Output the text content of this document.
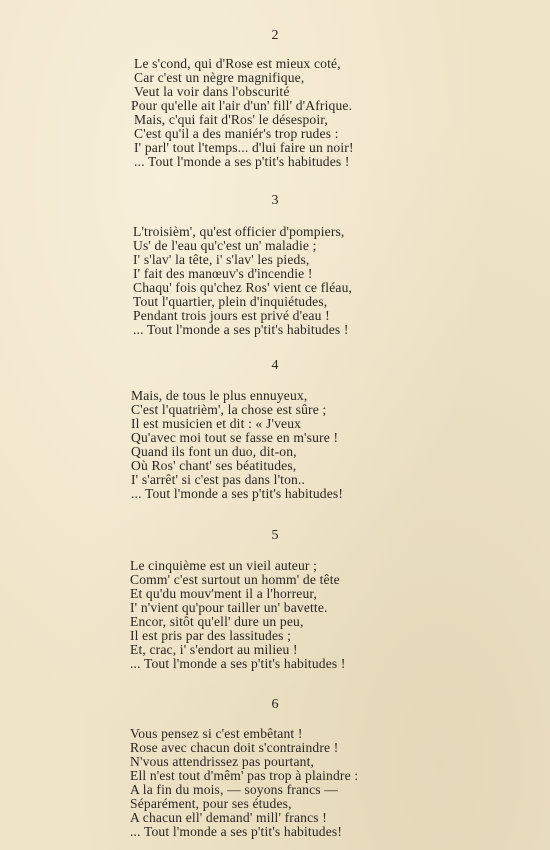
2
Le s'cond, qui d'Rose est mieux coté,
Car c'est un nègre magnifique,
Veut la voir dans l'obscurité
Pour qu'elle ait l'air d'un' fill' d'Afrique.
Mais, c'qui fait d'Ros' le désespoir,
C'est qu'il a des maniér's trop rudes :
I' parl' tout l'temps... d'lui faire un noir!
... Tout l'monde a ses p'tit's habitudes !
3
L'troisièm', qu'est officier d'pompiers,
Us' de l'eau qu'c'est un' maladie ;
I' s'lav' la tête, i' s'lav' les pieds,
I' fait des manœuv's d'incendie !
Chaqu' fois qu'chez Ros' vient ce fléau,
Tout l'quartier, plein d'inquiétudes,
Pendant trois jours est privé d'eau !
... Tout l'monde a ses p'tit's habitudes !
4
Mais, de tous le plus ennuyeux,
C'est l'quatrièm', la chose est sûre ;
Il est musicien et dit : « J'veux
Qu'avec moi tout se fasse en m'sure !
Quand ils font un duo, dit-on,
Où Ros' chant' ses béatitudes,
I' s'arrêt' si c'est pas dans l'ton..
... Tout l'monde a ses p'tit's habitudes!
5
Le cinquième est un vieil auteur ;
Comm' c'est surtout un homm' de tête
Et qu'du mouv'ment il a l'horreur,
I' n'vient qu'pour tailler un' bavette.
Encor, sitôt qu'ell' dure un peu,
Il est pris par des lassitudes ;
Et, crac, i' s'endort au milieu !
... Tout l'monde a ses p'tit's habitudes !
6
Vous pensez si c'est embêtant !
Rose avec chacun doit s'contraindre !
N'vous attendrissez pas pourtant,
Ell n'est tout d'mêm' pas trop à plaindre :
A la fin du mois, — soyons francs —
Séparément, pour ses études,
A chacun ell' demand' mill' francs !
... Tout l'monde a ses p'tit's habitudes!
